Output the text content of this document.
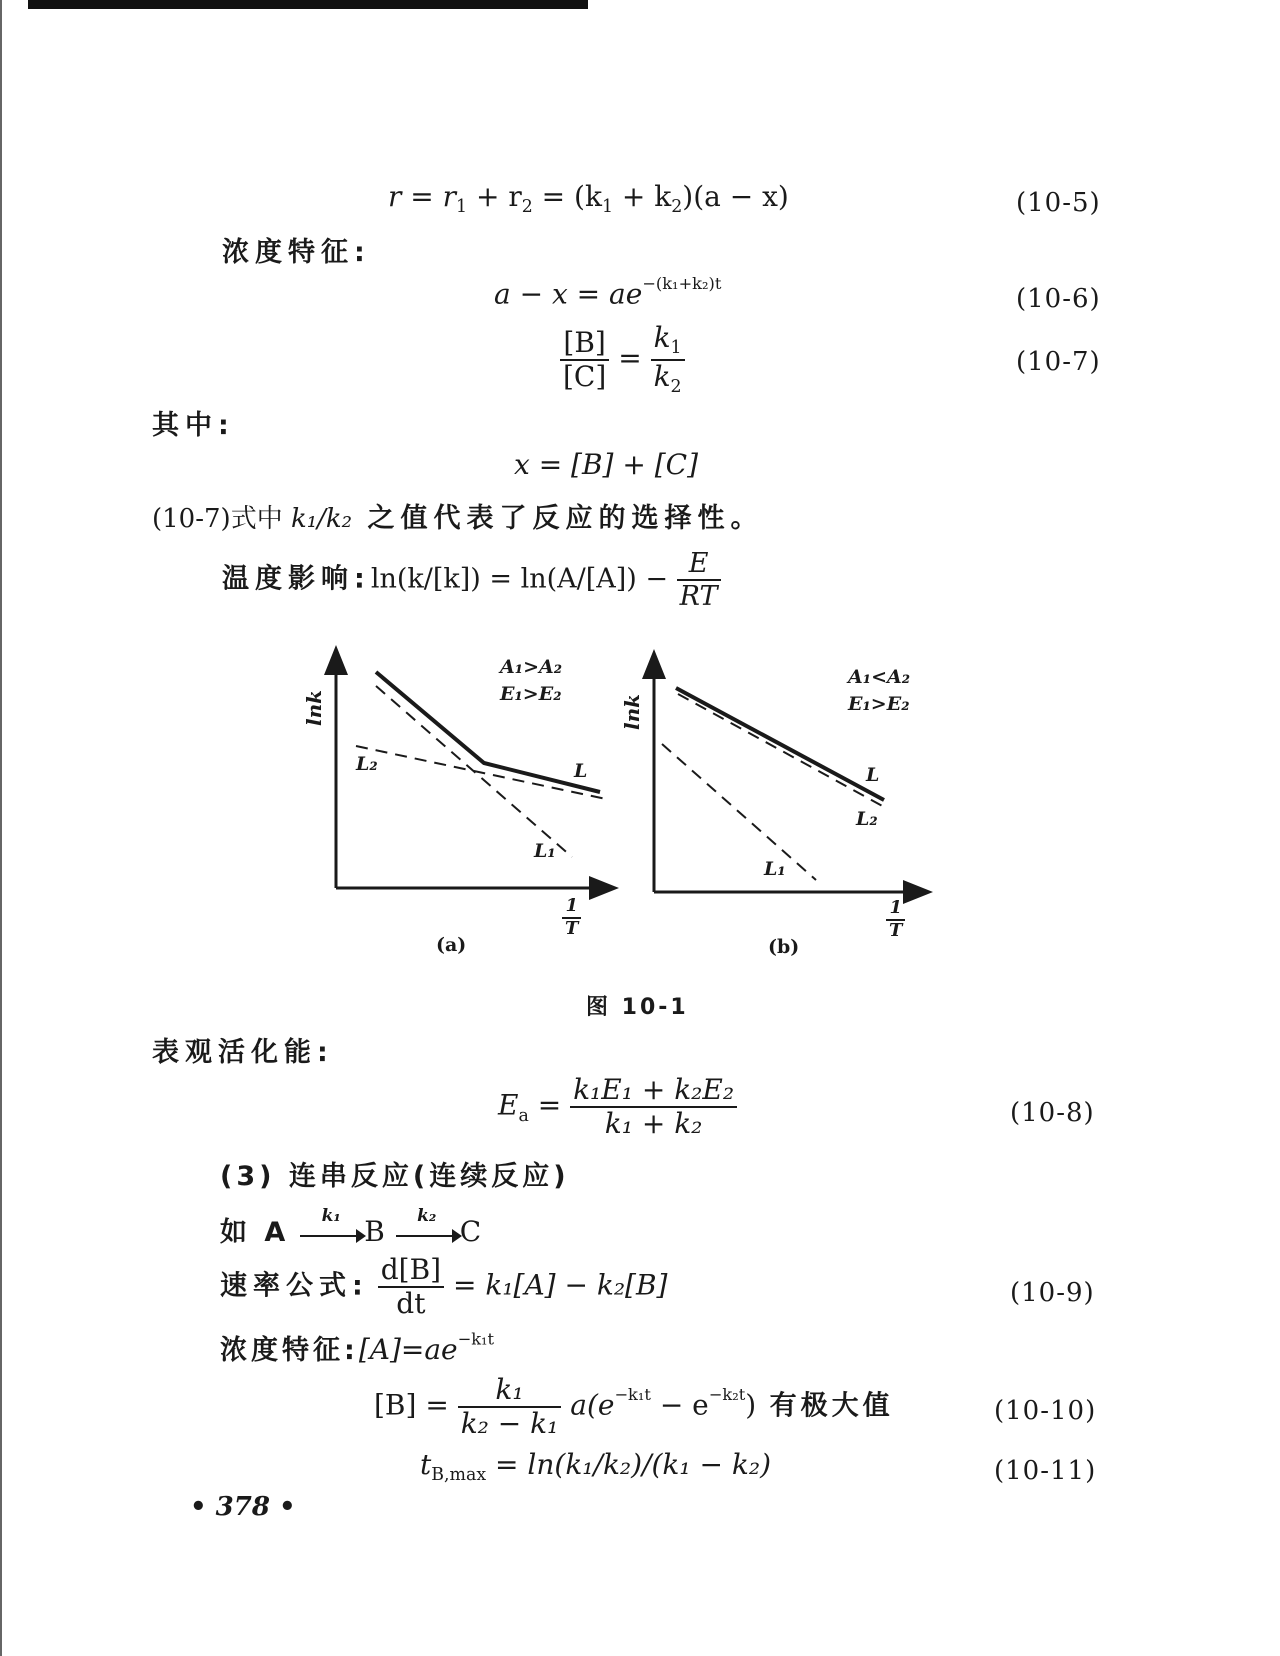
$r = r_1 + r_2 = (k_1 + k_2)(a - x)$	(10-5)
浓度特征:
$a - x = ae^{-(k_1+k_2)t}$
(10-6)
$\frac{[B]}{[C]} = \frac{k_1}{k_2}$	(10-7)
其中:
x = [B] + [C]
(10-7)式中 k₁/k₂ 之值代表了反应的选择性。
温度影响:ln(k/[k]) = $\ln(A/[A]) - \frac{E}{RT}$
lnk
A₁>A₂
E₁>E₂
L₂	L
L₁
$\frac{1}{T}$
(a)
lnk
A₁<A₂
E₁>E₂
L
L₂
L₁
$\frac{1}{T}$
(b)
图 10-1
表观活化能:
$E_a = \frac{\text{k₁E₁ + k₂E₂}}{\text{k₁ + k₂}}$	(10-8)
(3) 连串反应(连续反应)
如 A
k₁ B	k₂ C
速率公式: $\frac{d[B]}{dt} = k_1[A] - k_2[B]$	(10-9)
浓度特征$:[A]=ae^{-k_1t}$
$[B] = \frac{\text{k₁}}{\text{k₂ − k₁}} a(e^{-k_1t} - e^{-k_2t})$ 有极大值	(10-10)
$t_{B,max} = \ln(k_1/k_2)/(k_1 - k_2)$	(10-11)
• 378 •
